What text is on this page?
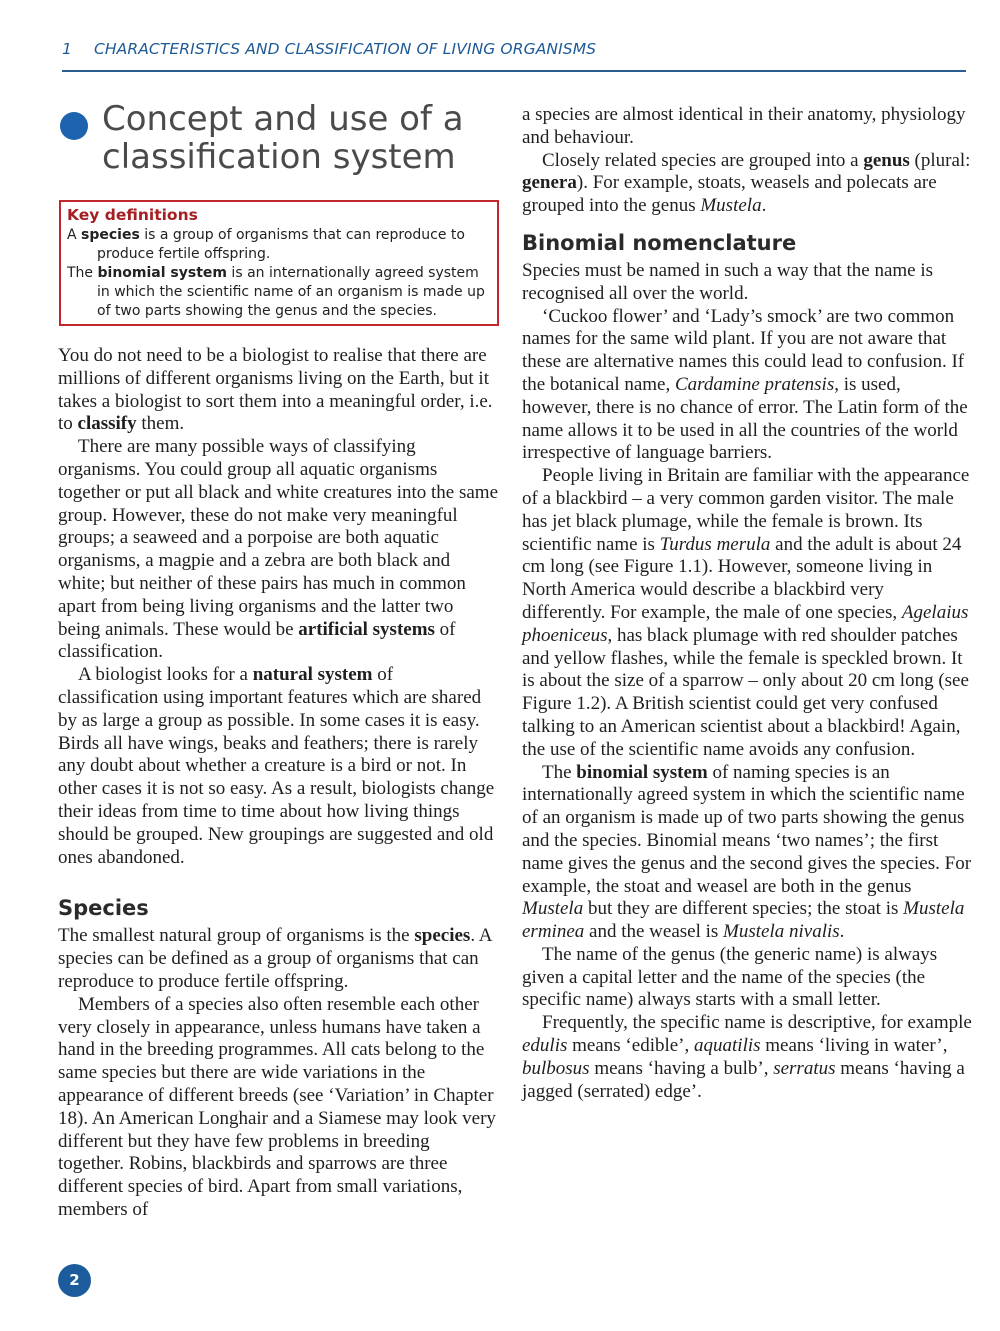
1 CHARACTERISTICS AND CLASSIFICATION OF LIVING ORGANISMS
Concept and use of a classification system
Key definitions
A species is a group of organisms that can reproduce to produce fertile offspring.
The binomial system is an internationally agreed system in which the scientific name of an organism is made up of two parts showing the genus and the species.

You do not need to be a biologist to realise that there are millions of different organisms living on the Earth, but it takes a biologist to sort them into a meaningful order, i.e. to classify them.

There are many possible ways of classifying organisms. You could group all aquatic organisms together or put all black and white creatures into the same group. However, these do not make very meaningful groups; a seaweed and a porpoise are both aquatic organisms, a magpie and a zebra are both black and white; but neither of these pairs has much in common apart from being living organisms and the latter two being animals. These would be artificial systems of classification.

A biologist looks for a natural system of classification using important features which are shared by as large a group as possible. In some cases it is easy. Birds all have wings, beaks and feathers; there is rarely any doubt about whether a creature is a bird or not. In other cases it is not so easy. As a result, biologists change their ideas from time to time about how living things should be grouped. New groupings are suggested and old ones abandoned.

Species

The smallest natural group of organisms is the species. A species can be defined as a group of organisms that can reproduce to produce fertile offspring.

Members of a species also often resemble each other very closely in appearance, unless humans have taken a hand in the breeding programmes. All cats belong to the same species but there are wide variations in the appearance of different breeds (see ‘Variation’ in Chapter 18). An American Longhair and a Siamese may look very different but they have few problems in breeding together. Robins, blackbirds and sparrows are three different species of bird. Apart from small variations, members of

a species are almost identical in their anatomy, physiology and behaviour.

Closely related species are grouped into a genus (plural: genera). For example, stoats, weasels and polecats are grouped into the genus Mustela.

Binomial nomenclature

Species must be named in such a way that the name is recognised all over the world.

‘Cuckoo flower’ and ‘Lady’s smock’ are two common names for the same wild plant. If you are not aware that these are alternative names this could lead to confusion. If the botanical name, Cardamine pratensis, is used, however, there is no chance of error. The Latin form of the name allows it to be used in all the countries of the world irrespective of language barriers.

People living in Britain are familiar with the appearance of a blackbird – a very common garden visitor. The male has jet black plumage, while the female is brown. Its scientific name is Turdus merula and the adult is about 24 cm long (see Figure 1.1). However, someone living in North America would describe a blackbird very differently. For example, the male of one species, Agelaius phoeniceus, has black plumage with red shoulder patches and yellow flashes, while the female is speckled brown. It is about the size of a sparrow – only about 20 cm long (see Figure 1.2). A British scientist could get very confused talking to an American scientist about a blackbird! Again, the use of the scientific name avoids any confusion.

The binomial system of naming species is an internationally agreed system in which the scientific name of an organism is made up of two parts showing the genus and the species. Binomial means ‘two names’; the first name gives the genus and the second gives the species. For example, the stoat and weasel are both in the genus Mustela but they are different species; the stoat is Mustela erminea and the weasel is Mustela nivalis.

The name of the genus (the generic name) is always given a capital letter and the name of the species (the specific name) always starts with a small letter.

Frequently, the specific name is descriptive, for example edulis means ‘edible’, aquatilis means ‘living in water’, bulbosus means ‘having a bulb’, serratus means ‘having a jagged (serrated) edge’.

2
